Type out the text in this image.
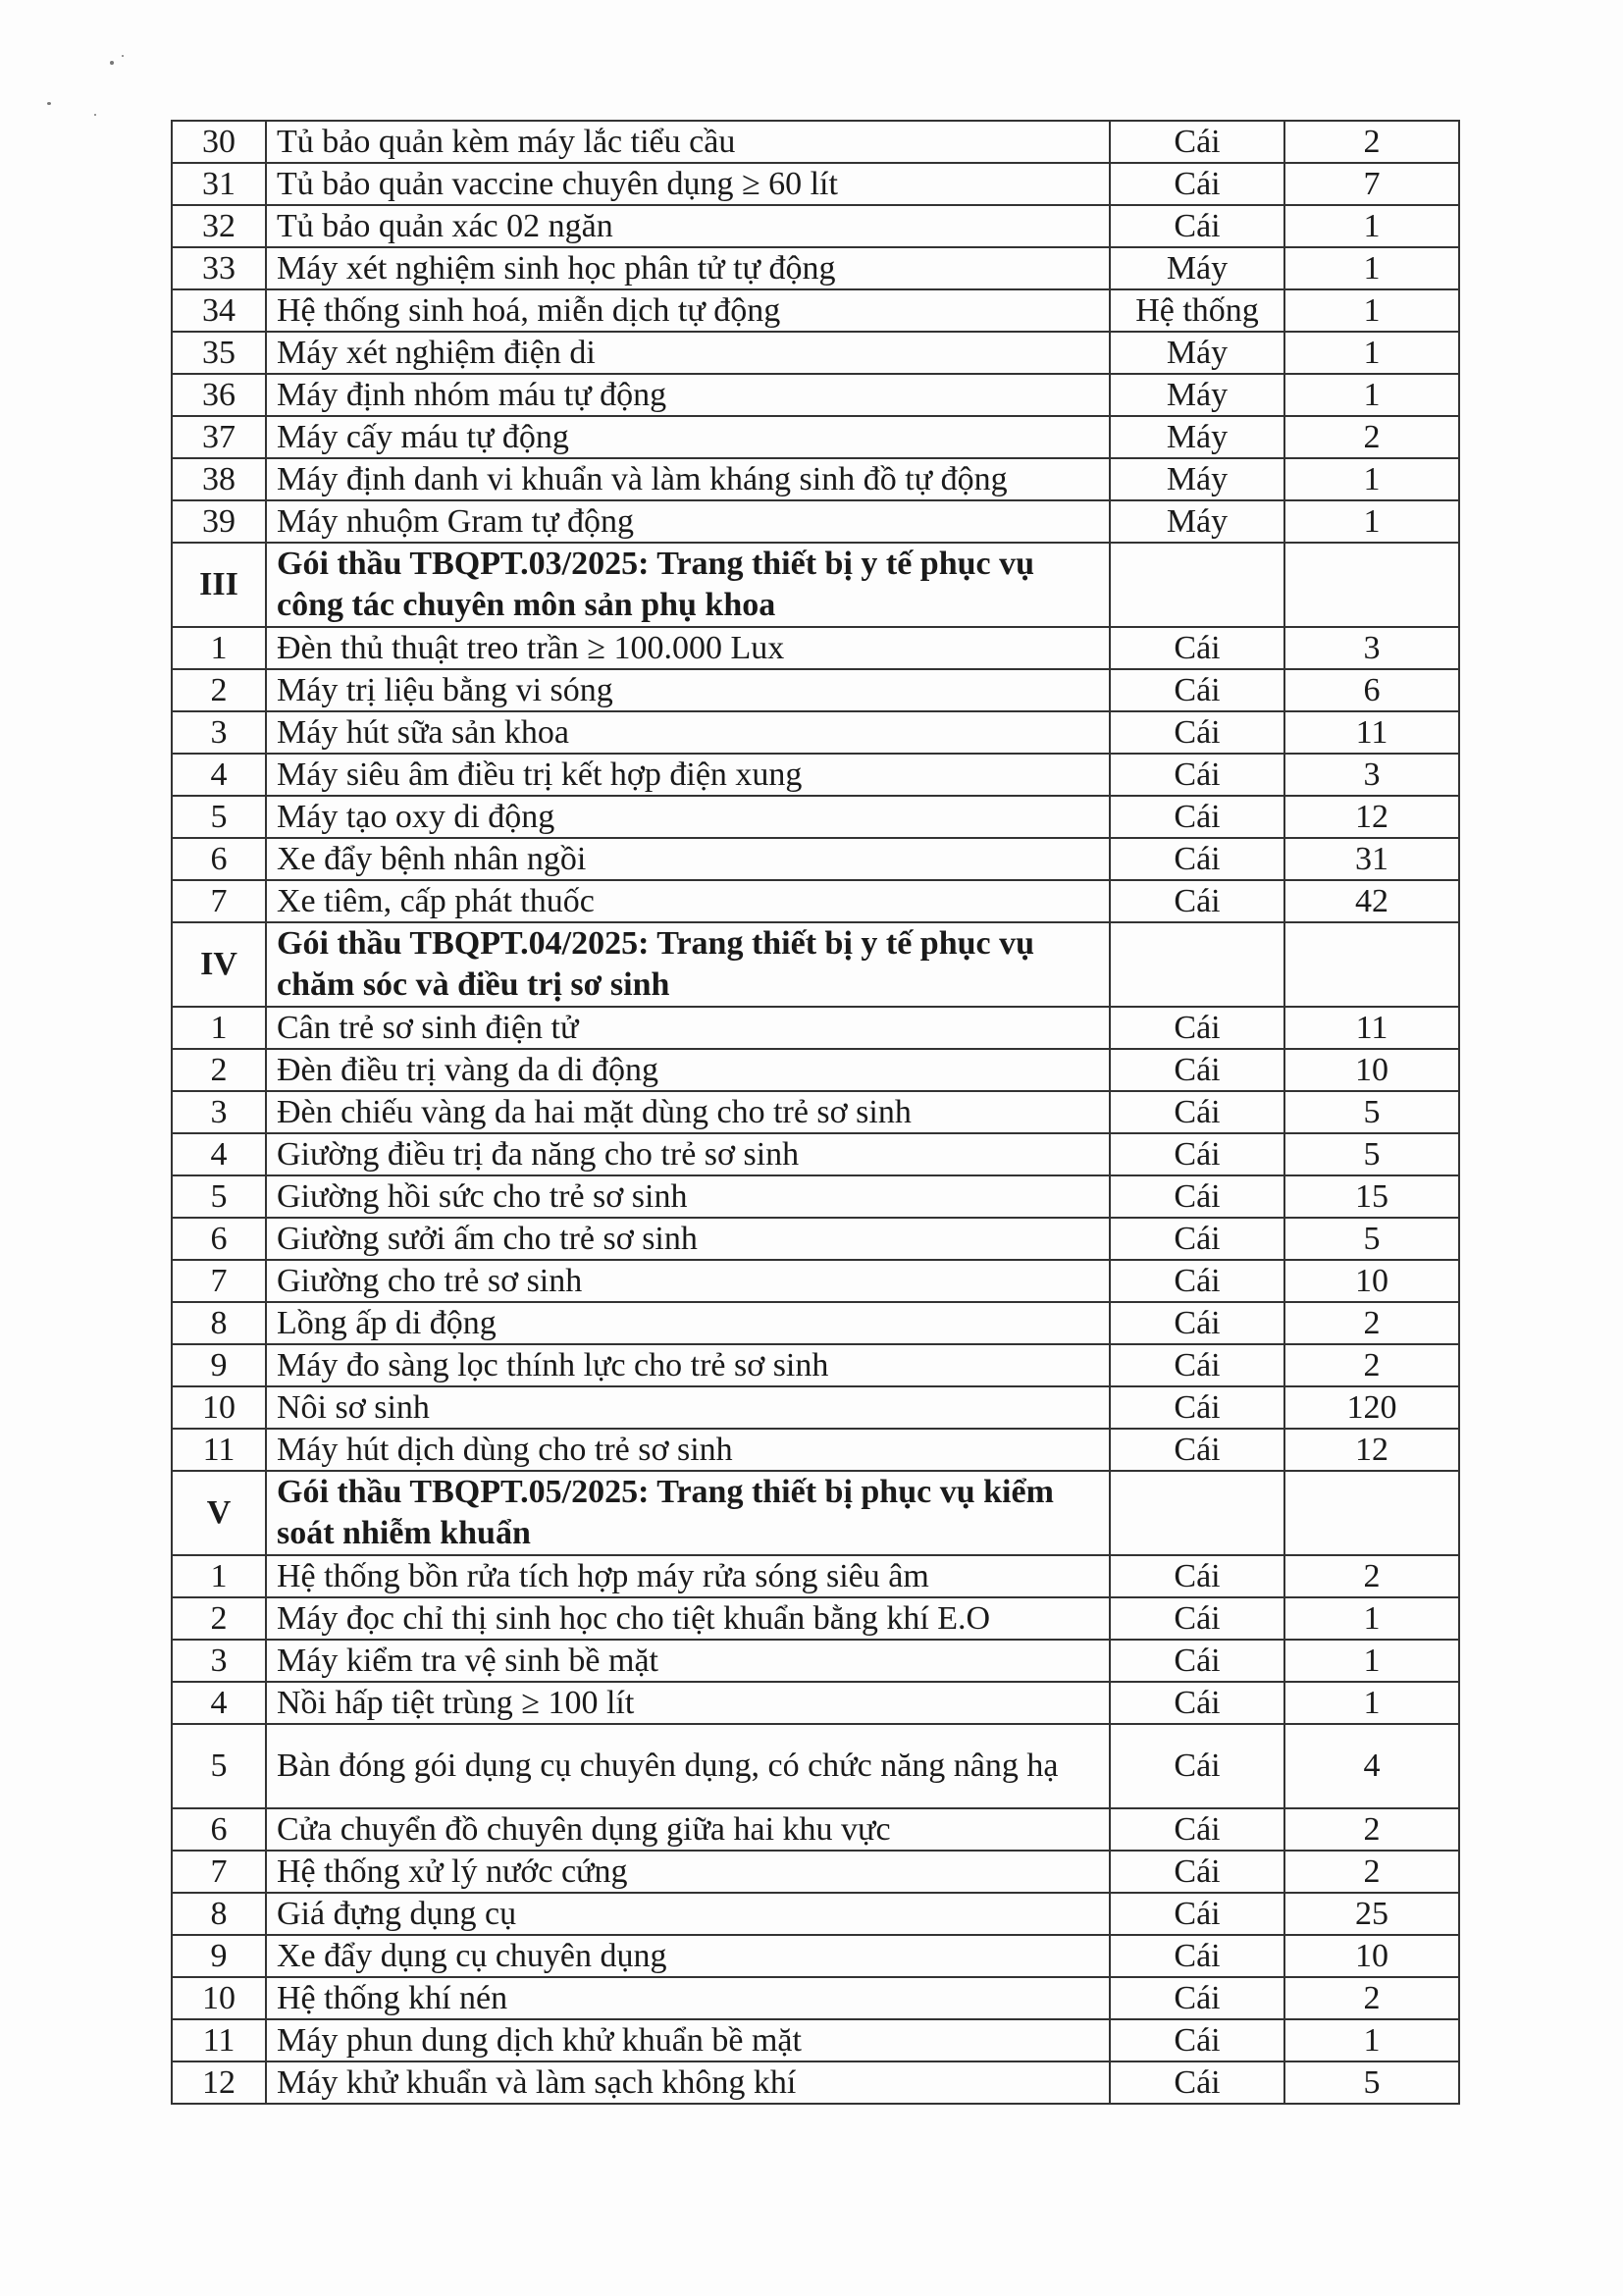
30	Tủ bảo quản kèm máy lắc tiểu cầu	Cái	2
31	Tủ bảo quản vaccine chuyên dụng ≥ 60 lít	Cái	7
32	Tủ bảo quản xác 02 ngăn	Cái	1
33	Máy xét nghiệm sinh học phân tử tự động	Máy	1
34	Hệ thống sinh hoá, miễn dịch tự động	Hệ thống	1
35	Máy xét nghiệm điện di	Máy	1
36	Máy định nhóm máu tự động	Máy	1
37	Máy cấy máu tự động	Máy	2
38	Máy định danh vi khuẩn và làm kháng sinh đồ tự động	Máy	1
39	Máy nhuộm Gram tự động	Máy	1
III	Gói thầu TBQPT.03/2025: Trang thiết bị y tế phục vụ công tác chuyên môn sản phụ khoa		
1	Đèn thủ thuật treo trần ≥ 100.000 Lux	Cái	3
2	Máy trị liệu bằng vi sóng	Cái	6
3	Máy hút sữa sản khoa	Cái	11
4	Máy siêu âm điều trị kết hợp điện xung	Cái	3
5	Máy tạo oxy di động	Cái	12
6	Xe đẩy bệnh nhân ngồi	Cái	31
7	Xe tiêm, cấp phát thuốc	Cái	42
IV	Gói thầu TBQPT.04/2025: Trang thiết bị y tế phục vụ chăm sóc và điều trị sơ sinh		
1	Cân trẻ sơ sinh điện tử	Cái	11
2	Đèn điều trị vàng da di động	Cái	10
3	Đèn chiếu vàng da hai mặt dùng cho trẻ sơ sinh	Cái	5
4	Giường điều trị đa năng cho trẻ sơ sinh	Cái	5
5	Giường hồi sức cho trẻ sơ sinh	Cái	15
6	Giường sưởi ấm cho trẻ sơ sinh	Cái	5
7	Giường cho trẻ sơ sinh	Cái	10
8	Lồng ấp di động	Cái	2
9	Máy đo sàng lọc thính lực cho trẻ sơ sinh	Cái	2
10	Nôi sơ sinh	Cái	120
11	Máy hút dịch dùng cho trẻ sơ sinh	Cái	12
V	Gói thầu TBQPT.05/2025: Trang thiết bị phục vụ kiểm soát nhiễm khuẩn		
1	Hệ thống bồn rửa tích hợp máy rửa sóng siêu âm	Cái	2
2	Máy đọc chỉ thị sinh học cho tiệt khuẩn bằng khí E.O	Cái	1
3	Máy kiểm tra vệ sinh bề mặt	Cái	1
4	Nồi hấp tiệt trùng ≥ 100 lít	Cái	1
5	Bàn đóng gói dụng cụ chuyên dụng, có chức năng nâng hạ	Cái	4
6	Cửa chuyển đồ chuyên dụng giữa hai khu vực	Cái	2
7	Hệ thống xử lý nước cứng	Cái	2
8	Giá đựng dụng cụ	Cái	25
9	Xe đẩy dụng cụ chuyên dụng	Cái	10
10	Hệ thống khí nén	Cái	2
11	Máy phun dung dịch khử khuẩn bề mặt	Cái	1
12	Máy khử khuẩn và làm sạch không khí	Cái	5
